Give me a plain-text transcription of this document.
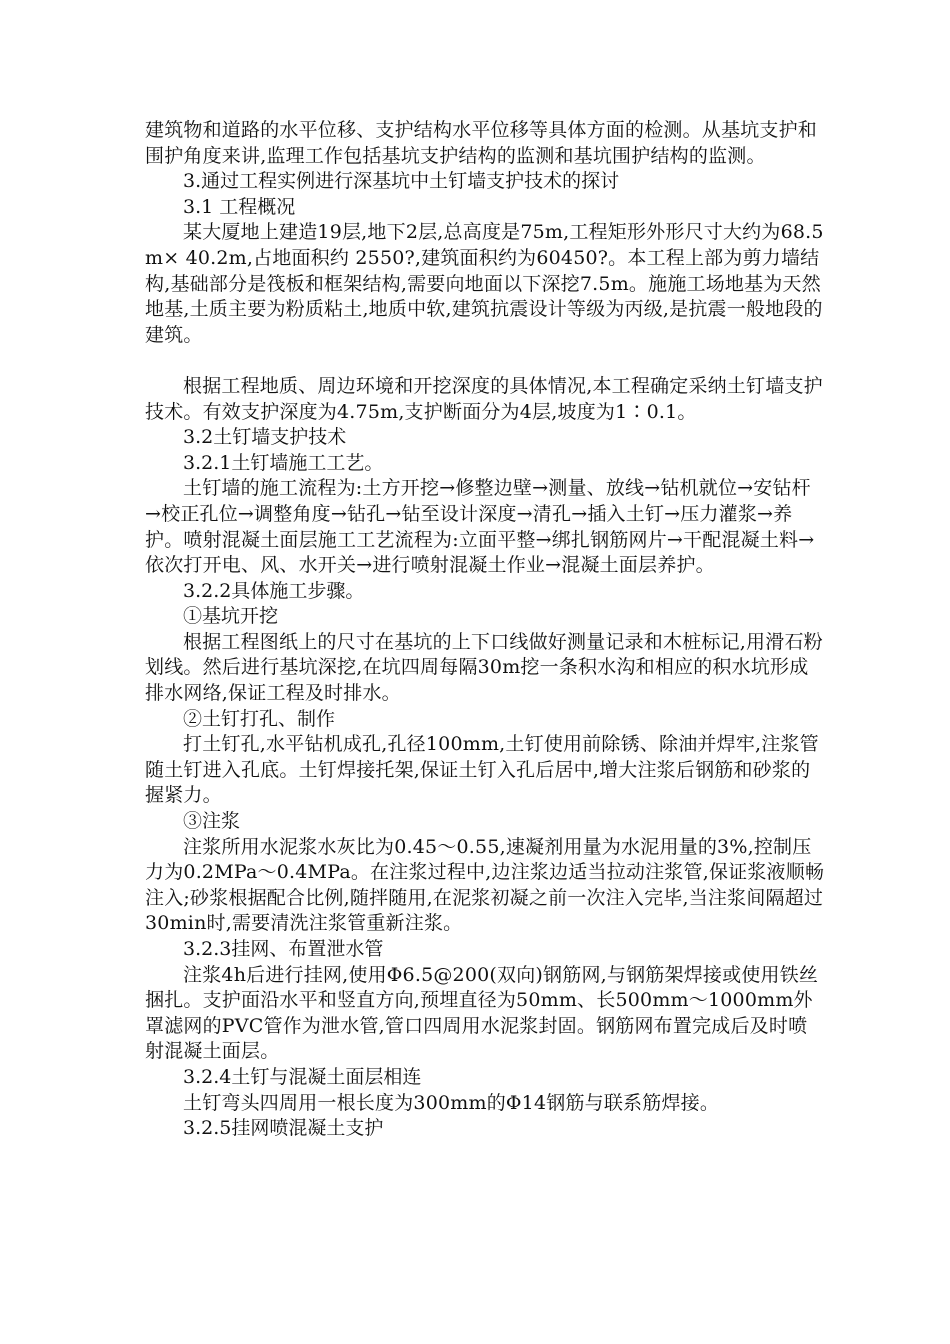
建筑物和道路的水平位移、支护结构水平位移等具体方面的检测。从基坑支护和围护角度来讲,监理工作包括基坑支护结构的监测和基坑围护结构的监测。

3.通过工程实例进行深基坑中土钉墙支护技术的探讨

3.1 工程概况

某大厦地上建造19层,地下2层,总高度是75m,工程矩形外形尺寸大约为68.5m× 40.2m,占地面积约 2550?,建筑面积约为60450?。本工程上部为剪力墙结构,基础部分是筏板和框架结构,需要向地面以下深挖7.5m。施施工场地基为天然地基,土质主要为粉质粘土,地质中软,建筑抗震设计等级为丙级,是抗震一般地段的建筑。

根据工程地质、周边环境和开挖深度的具体情况,本工程确定采纳土钉墙支护技术。有效支护深度为4.75m,支护断面分为4层,坡度为1∶0.1。

3.2土钉墙支护技术

3.2.1土钉墙施工工艺。

土钉墙的施工流程为:土方开挖→修整边壁→测量、放线→钻机就位→安钻杆→校正孔位→调整角度→钻孔→钻至设计深度→清孔→插入土钉→压力灌浆→养护。喷射混凝土面层施工工艺流程为:立面平整→绑扎钢筋网片→干配混凝土料→依次打开电、风、水开关→进行喷射混凝土作业→混凝土面层养护。

3.2.2具体施工步骤。

①基坑开挖

根据工程图纸上的尺寸在基坑的上下口线做好测量记录和木桩标记,用滑石粉划线。然后进行基坑深挖,在坑四周每隔30m挖一条积水沟和相应的积水坑形成排水网络,保证工程及时排水。

②土钉打孔、制作

打土钉孔,水平钻机成孔,孔径100mm,土钉使用前除锈、除油并焊牢,注浆管随土钉进入孔底。土钉焊接托架,保证土钉入孔后居中,增大注浆后钢筋和砂浆的握紧力。

③注浆

注浆所用水泥浆水灰比为0.45～0.55,速凝剂用量为水泥用量的3%,控制压力为0.2MPa～0.4MPa。在注浆过程中,边注浆边适当拉动注浆管,保证浆液顺畅注入;砂浆根据配合比例,随拌随用,在泥浆初凝之前一次注入完毕,当注浆间隔超过30min时,需要清洗注浆管重新注浆。

3.2.3挂网、布置泄水管

注浆4h后进行挂网,使用Φ6.5@200(双向)钢筋网,与钢筋架焊接或使用铁丝捆扎。支护面沿水平和竖直方向,预埋直径为50mm、长500mm～1000mm外罩滤网的PVC管作为泄水管,管口四周用水泥浆封固。钢筋网布置完成后及时喷射混凝土面层。

3.2.4土钉与混凝土面层相连

土钉弯头四周用一根长度为300mm的Φ14钢筋与联系筋焊接。

3.2.5挂网喷混凝土支护
